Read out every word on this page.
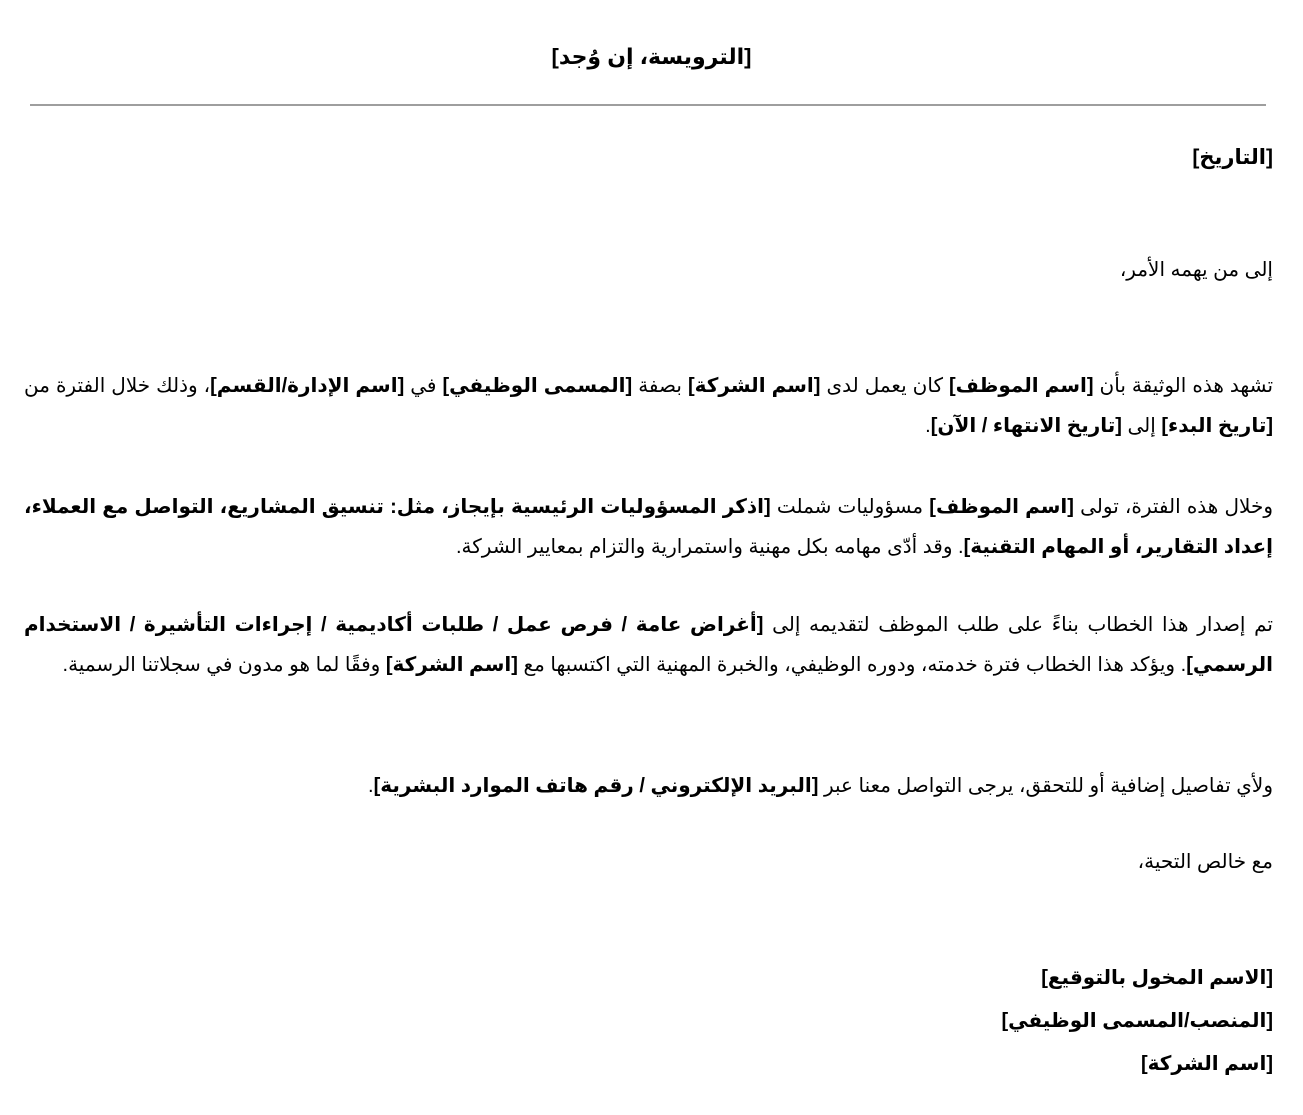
[الترويسة، إن وُجد]
[التاريخ]
إلى من يهمه الأمر،
تشهد هذه الوثيقة بأن [اسم الموظف] كان يعمل لدى [اسم الشركة] بصفة [المسمى الوظيفي] في [اسم الإدارة/القسم]، وذلك خلال الفترة من [تاريخ البدء] إلى [تاريخ الانتهاء / الآن].
وخلال هذه الفترة، تولى [اسم الموظف] مسؤوليات شملت [اذكر المسؤوليات الرئيسية بإيجاز، مثل: تنسيق المشاريع، التواصل مع العملاء، إعداد التقارير، أو المهام التقنية]. وقد أدّى مهامه بكل مهنية واستمرارية والتزام بمعايير الشركة.
تم إصدار هذا الخطاب بناءً على طلب الموظف لتقديمه إلى [أغراض عامة / فرص عمل / طلبات أكاديمية / إجراءات التأشيرة / الاستخدام الرسمي]. ويؤكد هذا الخطاب فترة خدمته، ودوره الوظيفي، والخبرة المهنية التي اكتسبها مع [اسم الشركة] وفقًا لما هو مدون في سجلاتنا الرسمية.
ولأي تفاصيل إضافية أو للتحقق، يرجى التواصل معنا عبر [البريد الإلكتروني / رقم هاتف الموارد البشرية].
مع خالص التحية،
[الاسم المخول بالتوقيع]
[المنصب/المسمى الوظيفي]
[اسم الشركة]
